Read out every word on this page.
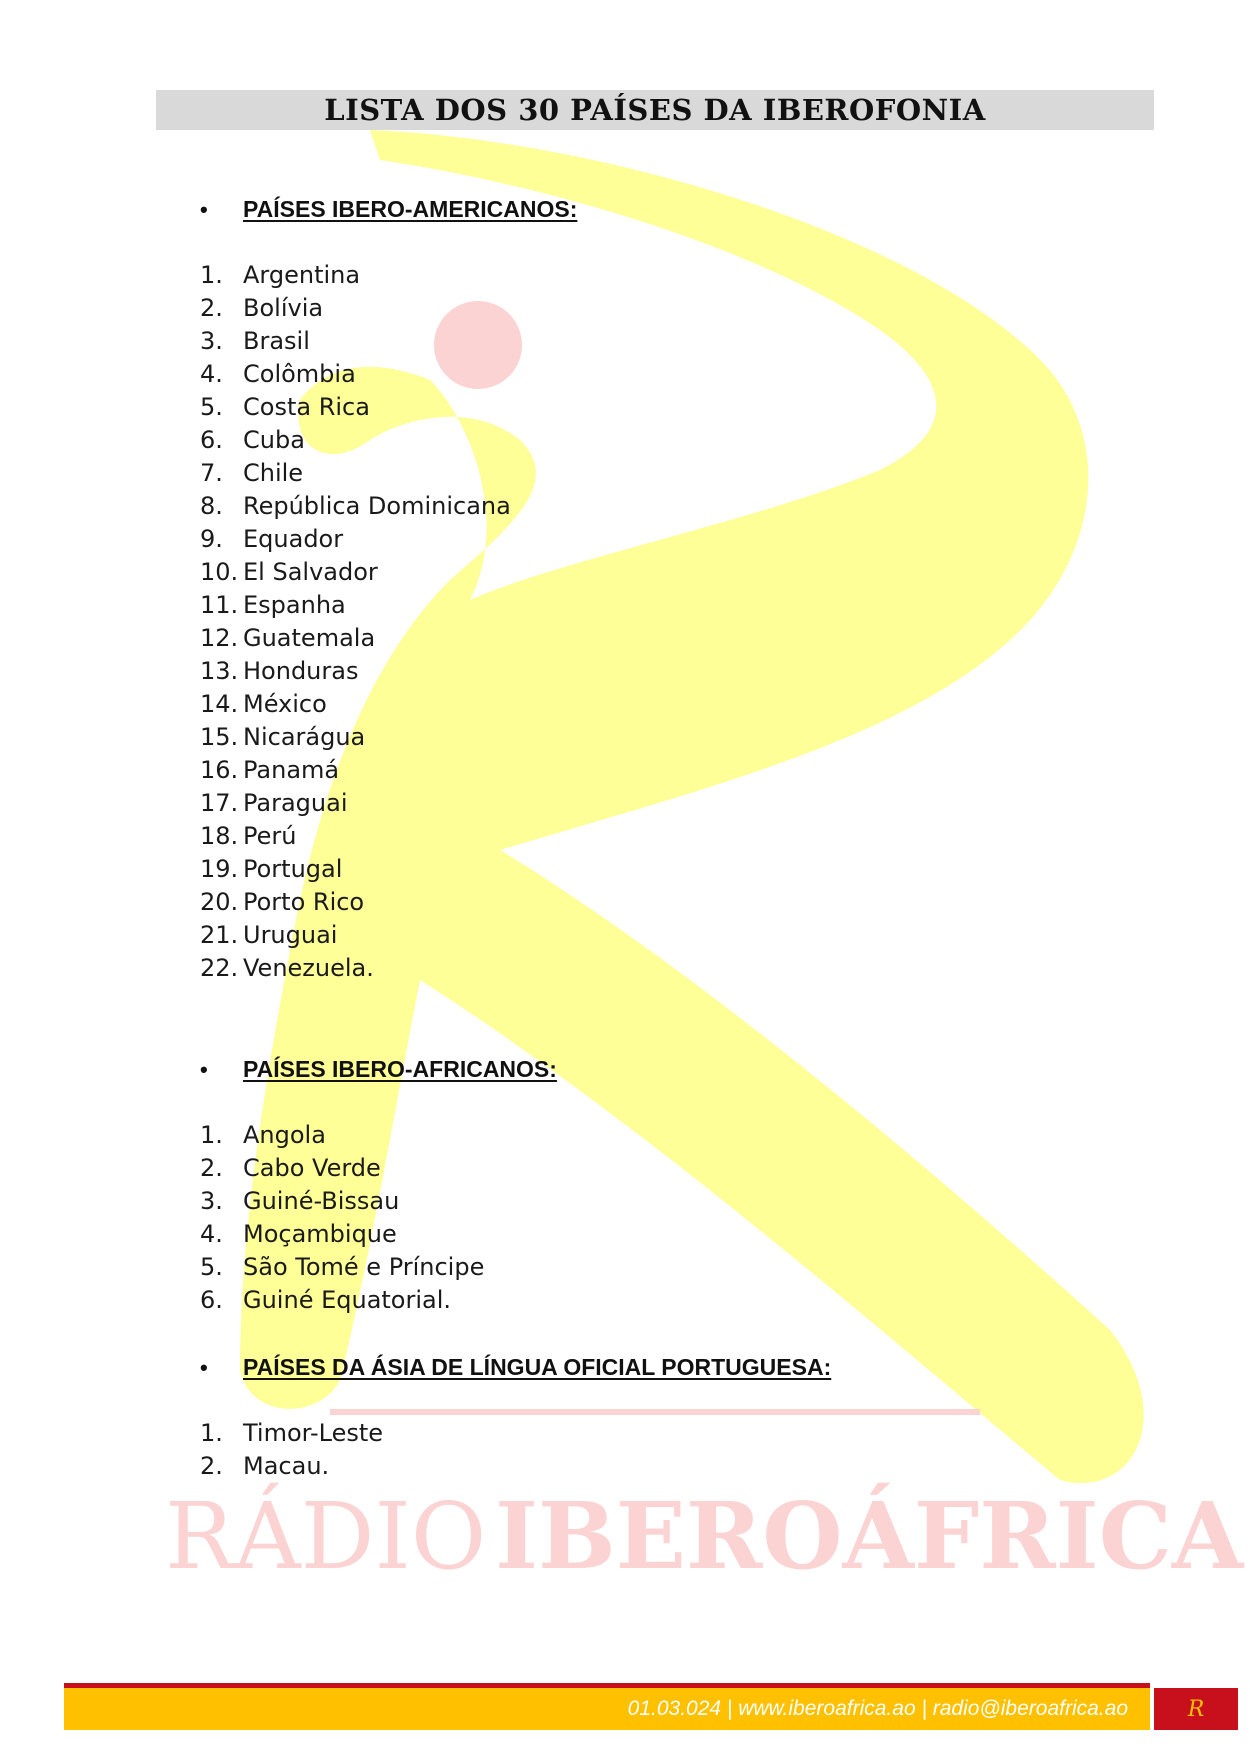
RÁDIO IBEROÁFRICA
LISTA DOS 30 PAÍSES DA IBEROFONIA
•	PAÍSES IBERO-AMERICANOS:
1. Argentina
2. Bolívia
3. Brasil
4. Colômbia
5. Costa Rica
6. Cuba
7. Chile
8. República Dominicana
9. Equador
10. El Salvador
11. Espanha
12. Guatemala
13. Honduras
14. México
15. Nicarágua
16. Panamá
17. Paraguai
18. Perú
19. Portugal
20. Porto Rico
21. Uruguai
22. Venezuela.
•	PAÍSES IBERO-AFRICANOS:
1. Angola
2. Cabo Verde
3. Guiné-Bissau
4. Moçambique
5. São Tomé e Príncipe
6. Guiné Equatorial.
•	PAÍSES DA ÁSIA DE LÍNGUA OFICIAL PORTUGUESA:
1. Timor-Leste
2. Macau.
01.03.024 | www.iberoafrica.ao | radio@iberoafrica.ao	R
